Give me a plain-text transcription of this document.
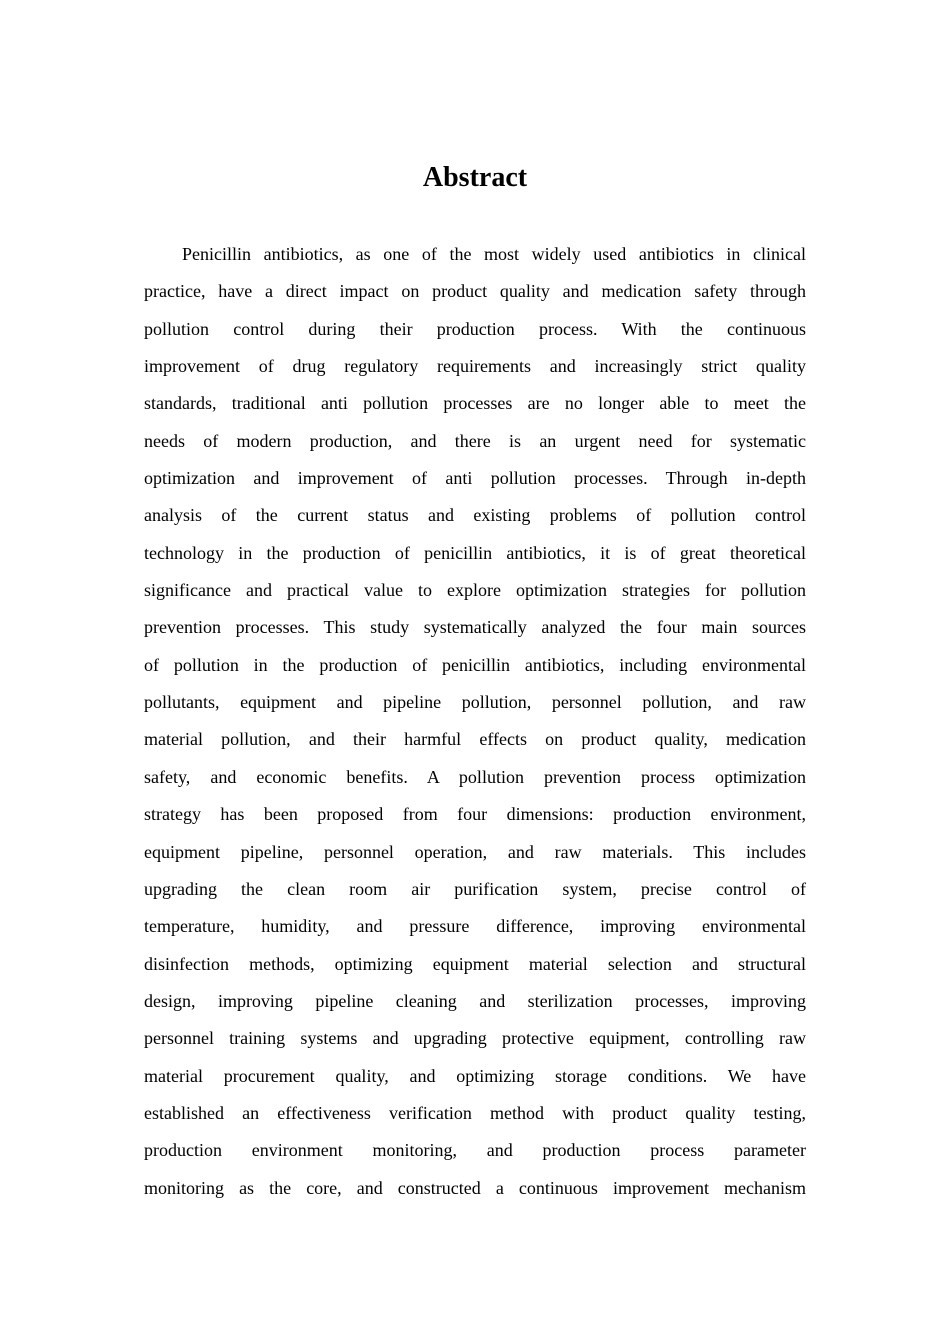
Abstract
Penicillin antibiotics, as one of the most widely used antibiotics in clinical
practice, have a direct impact on product quality and medication safety through
pollution control during their production process. With the continuous
improvement of drug regulatory requirements and increasingly strict quality
standards, traditional anti pollution processes are no longer able to meet the
needs of modern production, and there is an urgent need for systematic
optimization and improvement of anti pollution processes. Through in-depth
analysis of the current status and existing problems of pollution control
technology in the production of penicillin antibiotics, it is of great theoretical
significance and practical value to explore optimization strategies for pollution
prevention processes. This study systematically analyzed the four main sources
of pollution in the production of penicillin antibiotics, including environmental
pollutants, equipment and pipeline pollution, personnel pollution, and raw
material pollution, and their harmful effects on product quality, medication
safety, and economic benefits. A pollution prevention process optimization
strategy has been proposed from four dimensions: production environment,
equipment pipeline, personnel operation, and raw materials. This includes
upgrading the clean room air purification system, precise control of
temperature, humidity, and pressure difference, improving environmental
disinfection methods, optimizing equipment material selection and structural
design, improving pipeline cleaning and sterilization processes, improving
personnel training systems and upgrading protective equipment, controlling raw
material procurement quality, and optimizing storage conditions. We have
established an effectiveness verification method with product quality testing,
production environment monitoring, and production process parameter
monitoring as the core, and constructed a continuous improvement mechanism
